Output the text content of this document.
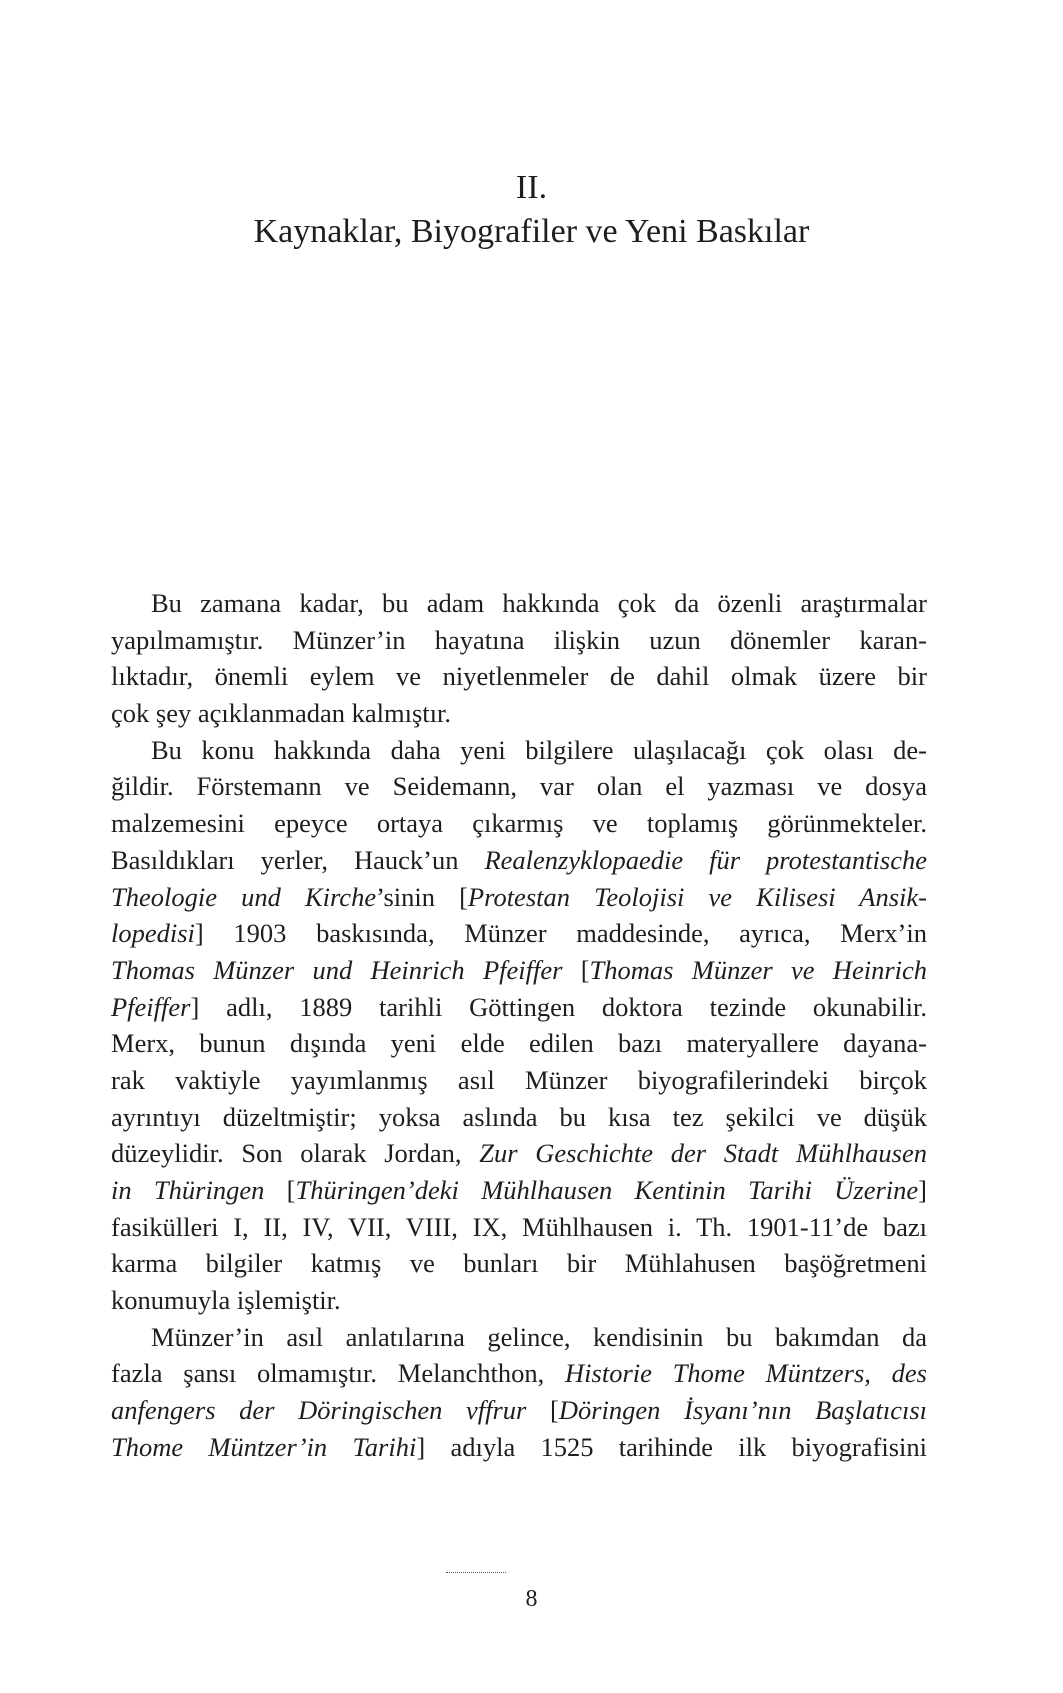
II.
Kaynaklar, Biyografiler ve Yeni Baskılar
Bu zamana kadar, bu adam hakkında çok da özenli araştırmalar
yapılmamıştır. Münzer’in hayatına ilişkin uzun dönemler karan-
lıktadır, önemli eylem ve niyetlenmeler de dahil olmak üzere bir
çok şey açıklanmadan kalmıştır.
Bu konu hakkında daha yeni bilgilere ulaşılacağı çok olası de-
ğildir. Förstemann ve Seidemann, var olan el yazması ve dosya
malzemesini epeyce ortaya çıkarmış ve toplamış görünmekteler.
Basıldıkları yerler, Hauck’un Realenzyklopaedie für protestantische
Theologie und Kirche’sinin [Protestan Teolojisi ve Kilisesi Ansik-
lopedisi] 1903 baskısında, Münzer maddesinde, ayrıca, Merx’in
Thomas Münzer und Heinrich Pfeiffer [Thomas Münzer ve Heinrich
Pfeiffer] adlı, 1889 tarihli Göttingen doktora tezinde okunabilir.
Merx, bunun dışında yeni elde edilen bazı materyallere dayana-
rak vaktiyle yayımlanmış asıl Münzer biyografilerindeki birçok
ayrıntıyı düzeltmiştir; yoksa aslında bu kısa tez şekilci ve düşük
düzeylidir. Son olarak Jordan, Zur Geschichte der Stadt Mühlhausen
in Thüringen [Thüringen’deki Mühlhausen Kentinin Tarihi Üzerine]
fasikülleri I, II, IV, VII, VIII, IX, Mühlhausen i. Th. 1901-11’de bazı
karma bilgiler katmış ve bunları bir Mühlahusen başöğretmeni
konumuyla işlemiştir.
Münzer’in asıl anlatılarına gelince, kendisinin bu bakımdan da
fazla şansı olmamıştır. Melanchthon, Historie Thome Müntzers, des
anfengers der Döringischen vffrur [Döringen İsyanı’nın Başlatıcısı
Thome Müntzer’in Tarihi] adıyla 1525 tarihinde ilk biyografisini
8
